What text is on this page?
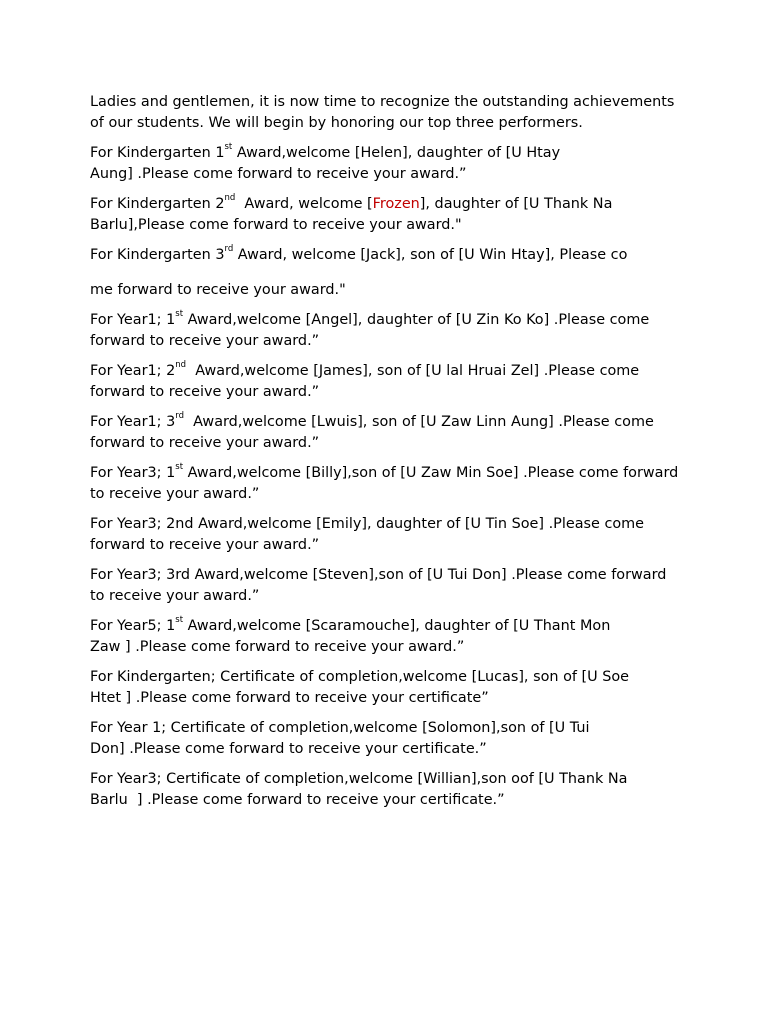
Ladies and gentlemen, it is now time to recognize the outstanding achievements of our students. We will begin by honoring our top three performers.

For Kindergarten 1st Award,welcome [Helen], daughter of [U Htay
Aung] .Please come forward to receive your award.”

For Kindergarten 2nd  Award, welcome [Frozen], daughter of [U Thank Na Barlu],Please come forward to receive your award."

For Kindergarten 3rd Award, welcome [Jack], son of [U Win Htay], Please co

me forward to receive your award."

For Year1; 1st Award,welcome [Angel], daughter of [U Zin Ko Ko] .Please come forward to receive your award.”

For Year1; 2nd  Award,welcome [James], son of [U lal Hruai Zel] .Please come forward to receive your award.”

For Year1; 3rd  Award,welcome [Lwuis], son of [U Zaw Linn Aung] .Please come forward to receive your award.”

For Year3; 1st Award,welcome [Billy],son of [U Zaw Min Soe] .Please come forward to receive your award.”

For Year3; 2nd Award,welcome [Emily], daughter of [U Tin Soe] .Please come forward to receive your award.”

For Year3; 3rd Award,welcome [Steven],son of [U Tui Don] .Please come forward to receive your award.”

For Year5; 1st Award,welcome [Scaramouche], daughter of [U Thant Mon
Zaw ] .Please come forward to receive your award.”

For Kindergarten; Certificate of completion,welcome [Lucas], son of [U Soe
Htet ] .Please come forward to receive your certificate”

For Year 1; Certificate of completion,welcome [Solomon],son of [U Tui
Don] .Please come forward to receive your certificate.”

For Year3; Certificate of completion,welcome [Willian],son oof [U Thank Na
Barlu  ] .Please come forward to receive your certificate.”
